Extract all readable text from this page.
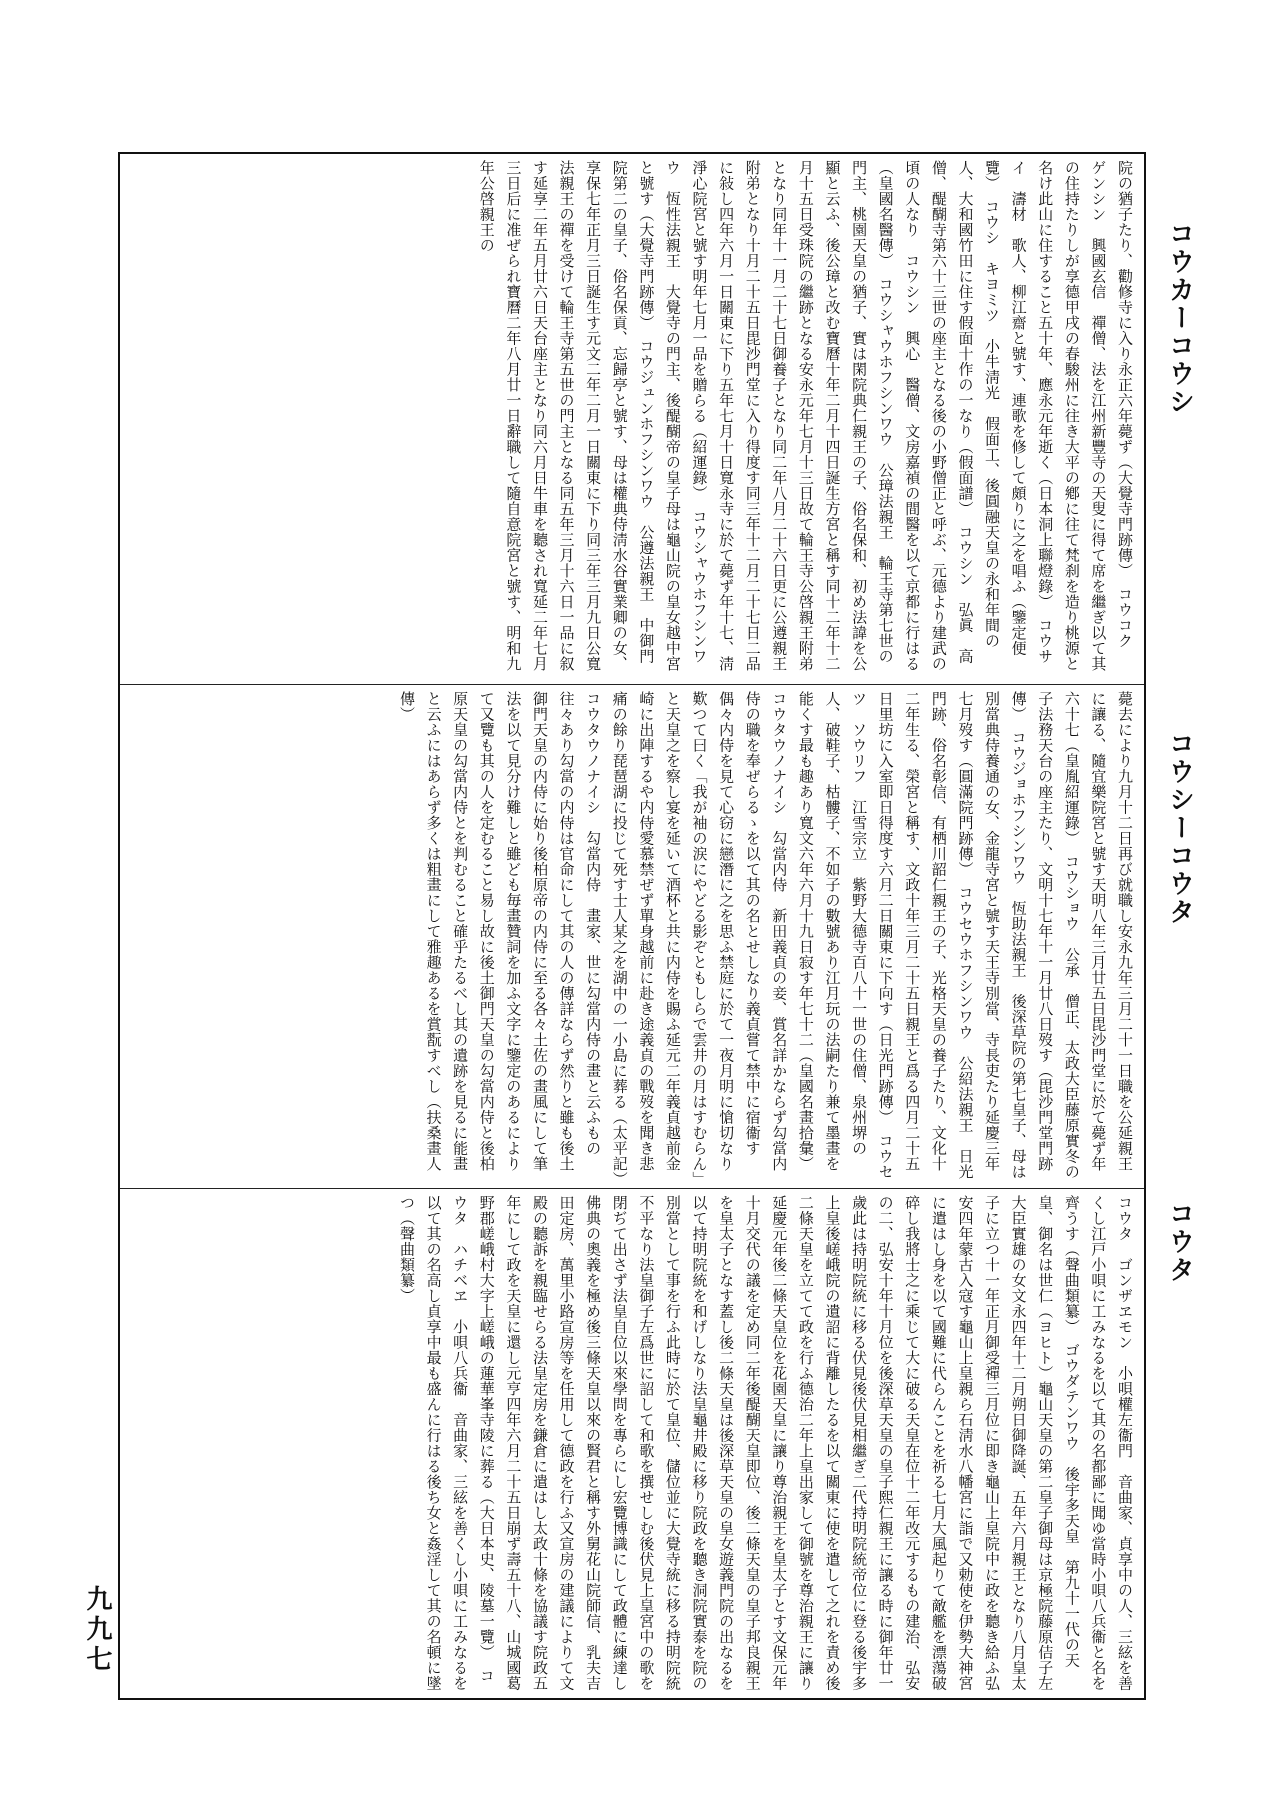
院の猶子たり、勸修寺に入り永正六年薨ず（大覺寺門跡傳）　コウコク　ゲンシン　興國玄信　禪僧、法を江州新豐寺の天叟に得て席を繼ぎ以て其の住持たりしが享德甲戌の春駿州に往き大平の鄕に往て梵刹を造り桃源と名け此山に住すること五十年、應永元年逝く（日本洞上聯燈錄）　コウサイ　濤材　歌人、柳江齋と號す、連歌を修して頗りに之を唱ふ（鑒定便覽）　コウシ　キヨミツ　小牛淸光　假面工、後圓融天皇の永和年間の人、大和國竹田に住す假面十作の一なり（假面譜）　コウシン　弘眞　高僧、醍醐寺第六十三世の座主となる後の小野僧正と呼ぶ、元德より建武の頃の人なり　コウシン　興心　醫僧、文房嘉禎の間醫を以て京都に行はる（皇國名醫傳）　コウシャウホフシンワウ　公璋法親王　輪王寺第七世の門主、桃園天皇の猶子、實は閑院典仁親王の子、俗名保和、初め法諱を公顯と云ふ、後公璋と改む寶曆十年二月十四日誕生方宮と稱す同十二年十二月十五日受珠院の繼跡となる安永元年七月十三日故て輪王寺公啓親王附弟となり同年十一月二十七日御養子となり同二年八月二十六日更に公遵親王附弟となり十月二十五日毘沙門堂に入り得度す同三年十二月二十七日二品に敍し四年六月一日關東に下り五年七月十日寬永寺に於て薨ず年十七、淸淨心院宮と號す明年七月一品を贈らる（紹運錄）　コウシャウホフシンワウ　恆性法親王　大覺寺の門主、後醍醐帝の皇子母は龜山院の皇女越中宮と號す（大覺寺門跡傳）　コウジュンホフシンワウ　公遵法親王　中御門院第二の皇子、俗名保貢、忘歸亭と號す、母は權典侍淸水谷實業卿の女、享保七年正月三日誕生す元文二年二月一日關東に下り同三年三月九日公寬法親王の禪を受けて輪王寺第五世の門主となる同五年三月十六日一品に叙す延享二年五月廿六日天台座主となり同六月日牛車を聽され寬延二年七月三日后に准ぜられ寶曆二年八月廿一日辭職して隨自意院宮と號す、明和九年公啓親王の
薨去により九月十二日再び就職し安永九年三月二十一日職を公延親王に讓る、隨宜樂院宮と號す天明八年三月廿五日毘沙門堂に於て薨ず年六十七（皇胤紹運錄）　コウショウ　公承　僧正、太政大臣藤原實冬の子法務天台の座主たり、文明十七年十一月廿八日歿す（毘沙門堂門跡傳）　コウジョホフシンワウ　恆助法親王　後深草院の第七皇子、母は別當典侍養通の女、金龍寺宮と號す天王寺別當、寺長吏たり延慶三年七月歿す（圓滿院門跡傳）　コウセウホフシンワウ　公紹法親王　日光門跡、俗名彰信、有栖川韶仁親王の子、光格天皇の養子たり、文化十二年生る、榮宮と稱す、文政十年三月二十五日親王と爲る四月二十五日里坊に入室即日得度す六月二日關東に下向す（日光門跡傳）　コウセツ　ソウリフ　江雪宗立　紫野大德寺百八十一世の住僧、泉州堺の人、破鞋子、枯髏子、不如子の數號あり江月玩の法嗣たり兼て墨畫を能くす最も趣あり寬文六年六月十九日寂す年七十二（皇國名畫拾彙）　コウタウノナイシ　勾當内侍　新田義貞の妾、賞名詳かならず勾當内侍の職を奉ぜらるゝを以て其の名とせしなり義貞嘗て禁中に宿衞す偶々内侍を見て心窃に戀潛に之を思ふ禁庭に於て一夜月明に愴切なり歎つて曰く「我が袖の涙にやどる影ぞともしらで雲井の月はすむらん」と天皇之を察し宴を延いて酒杯と共に内侍を賜ふ延元二年義貞越前金崎に出陣するや内侍愛慕禁ぜず單身越前に赴き途義貞の戰歿を聞き悲痛の餘り琵琶湖に投じて死す士人某之を湖中の一小島に葬る（太平記）　コウタウノナイシ　勾當内侍　畫家、世に勾當内侍の畫と云ふもの往々あり勾當の内侍は官命にして其の人の傳詳ならず然りと雖も後土御門天皇の内侍に始り後柏原帝の内侍に至る各々土佐の畫風にして筆法を以て見分け難しと雖ども毎畫贊詞を加ふ文字に鑒定のあるによりて又覽も其の人を定むること易し故に後土御門天皇の勾當内侍と後柏原天皇の勾當内侍とを判むること確乎たるべし其の遺跡を見るに能畫と云ふにはあらず多くは粗畫にして雅趣あるを賞翫すべし（扶桑畫人傳）
コウタ　ゴンザヱモン　小唄權左衞門　音曲家、貞享中の人、三絃を善くし江戸小唄に工みなるを以て其の名都鄙に聞ゆ當時小唄八兵衞と名を齊うす（聲曲類纂）　ゴウダテンワウ　後宇多天皇　第九十一代の天皇、御名は世仁（ヨヒト）龜山天皇の第二皇子御母は京極院藤原佶子左大臣實雄の女文永四年十二月朔日御降誕、五年六月親王となり八月皇太子に立つ十一年正月御受禪三月位に即き龜山上皇院中に政を聽き給ふ弘安四年蒙古入寇す龜山上皇親ら石淸水八幡宮に詣で又勅使を伊勢大神宮に遣はし身を以て國難に代らんことを祈る七月大風起りて敵艦を漂蕩破碎し我將士之に乘じて大に破る天皇在位十二年改元するもの建治、弘安の二、弘安十年十月位を後深草天皇の皇子熙仁親王に讓る時に御年廿一歲此は持明院統に移る伏見後伏見相繼ぎ二代持明院統帝位に登る後宇多上皇後嵯峨院の遺詔に背離したるを以て關東に使を遣して之れを責め後二條天皇を立てて政を行ふ德治二年上皇出家して御號を尊治親王に讓り延慶元年後二條天皇位を花園天皇に讓り尊治親王を皇太子とす文保元年十月交代の議を定め同二年後醍醐天皇即位、後二條天皇の皇子邦良親王を皇太子となす蓋し後二條天皇は後深草天皇の皇女遊義門院の出なるを以て持明院統を和げしなり法皇龜井殿に移り院政を聽き洞院實泰を院の別當として事を行ふ此時に於て皇位、儲位並に大覺寺統に移る持明院統不平なり法皇御子左爲世に詔して和歌を撰せしむ後伏見上皇宮中の歌を閉ぢて出さず法皇自位以來學問を專らにし宏覽博識にして政體に練達し佛典の奧義を極め後三條天皇以來の賢君と稱す外舅花山院師信、乳夫吉田定房、萬里小路宣房等を任用して德政を行ふ又宣房の建議によりて文殿の聽訴を親臨せらる法皇定房を鎌倉に遣はし太政十條を協議す院政五年にして政を天皇に還し元亨四年六月二十五日崩ず壽五十八、山城國葛野郡嵯峨村大字上嵯峨の蓮華峯寺陵に葬る（大日本史、陵墓一覽）　コウタ　ハチベヱ　小唄八兵衞　音曲家、三絃を善くし小唄に工みなるを以て其の名高し貞享中最も盛んに行はる後ち女と姦淫して其の名頓に墜つ（聲曲類纂）
コウカーコウシ
コウシーコウタ
コウタ
九九七
